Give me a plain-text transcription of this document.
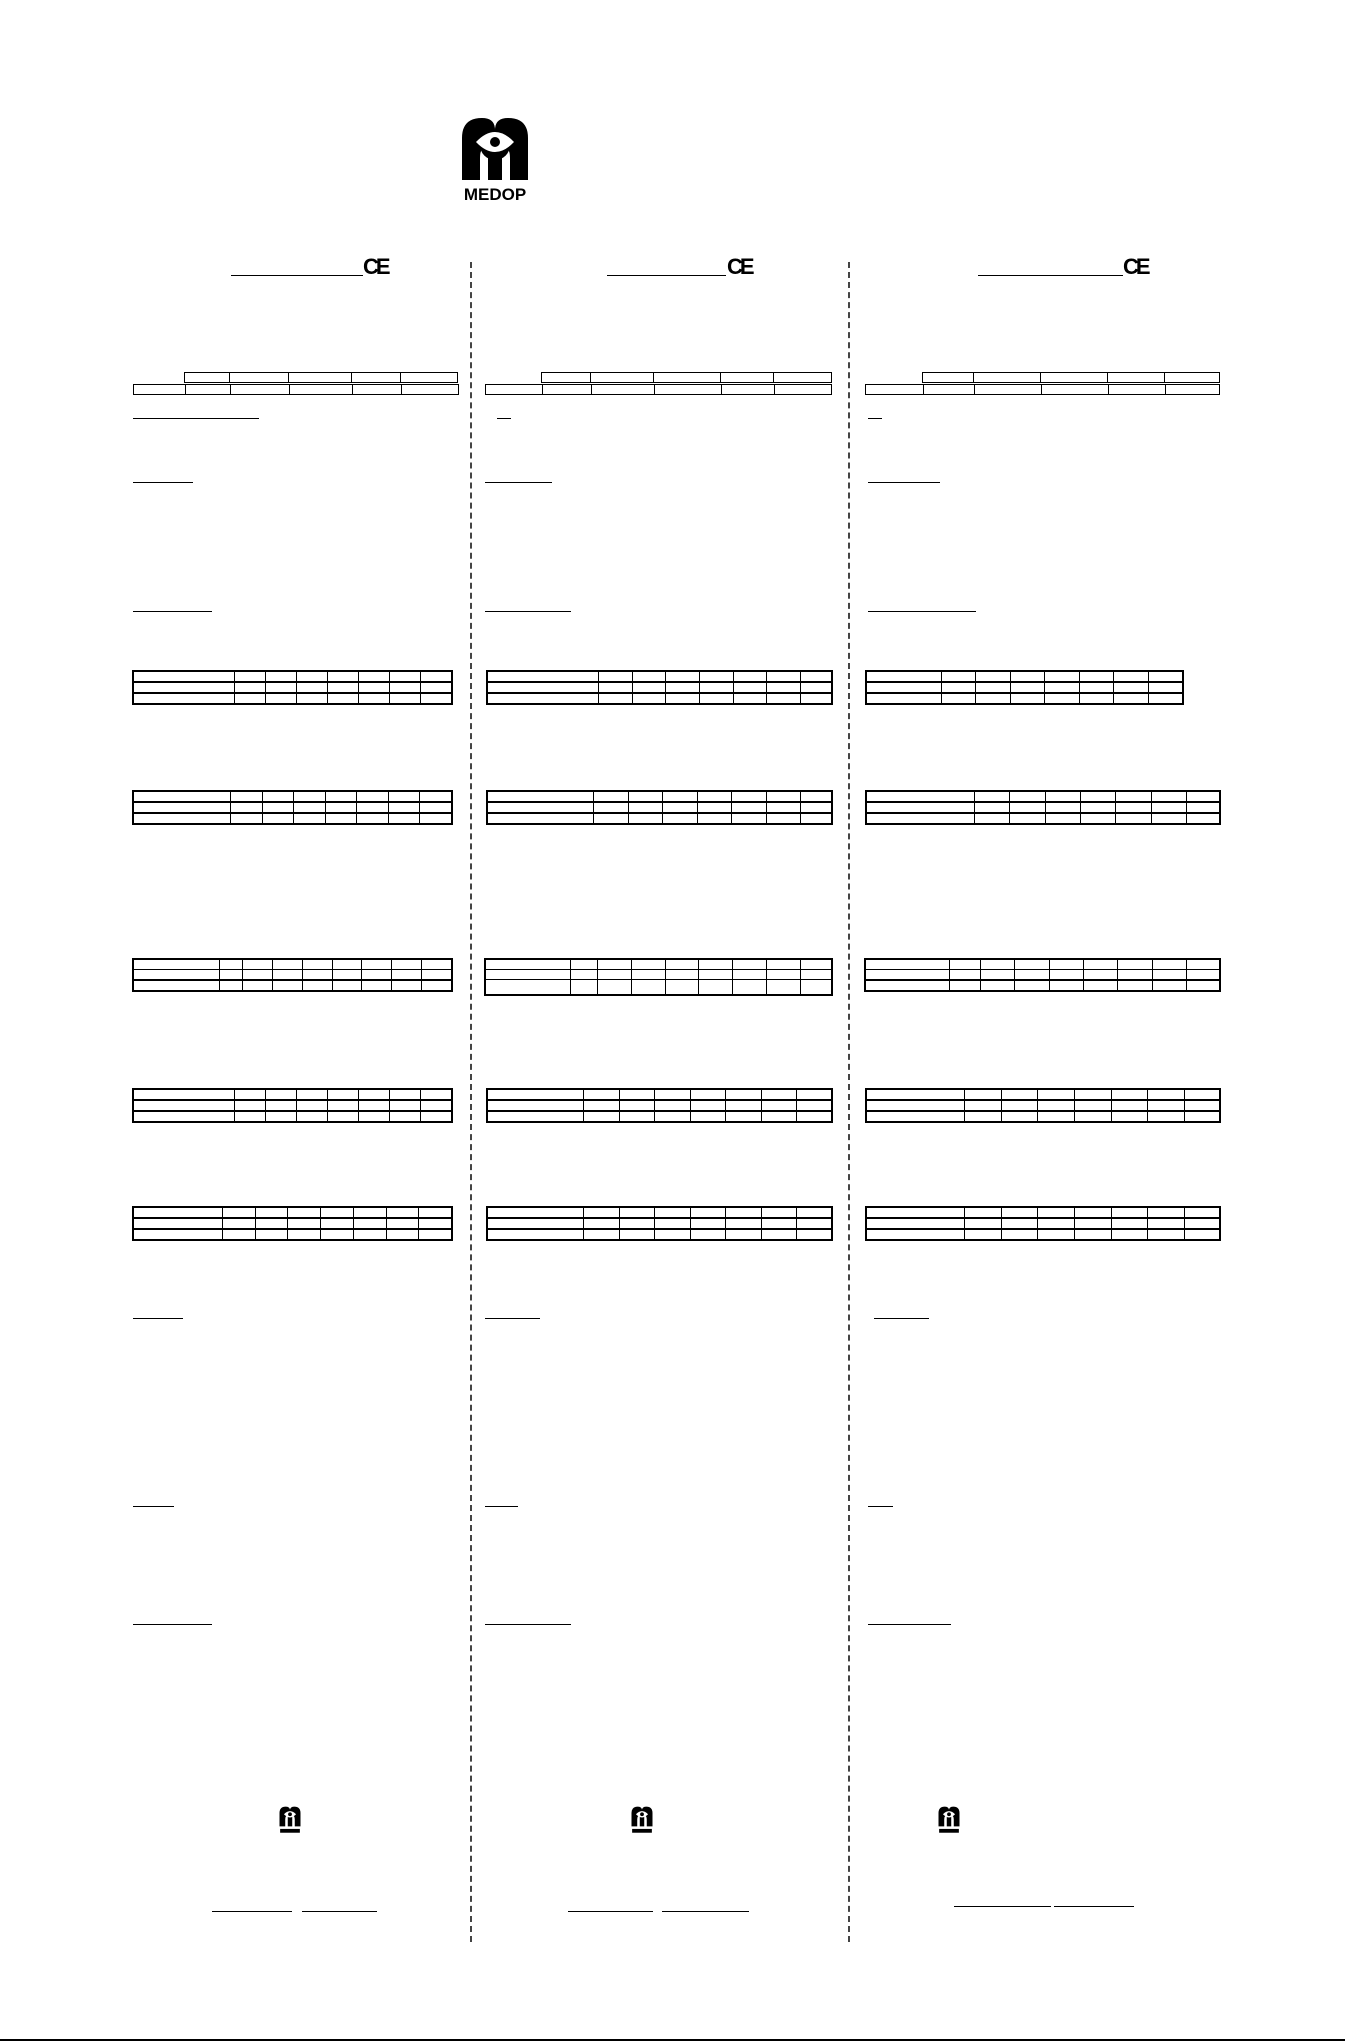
MEDOP
CE

								CE

								CE
